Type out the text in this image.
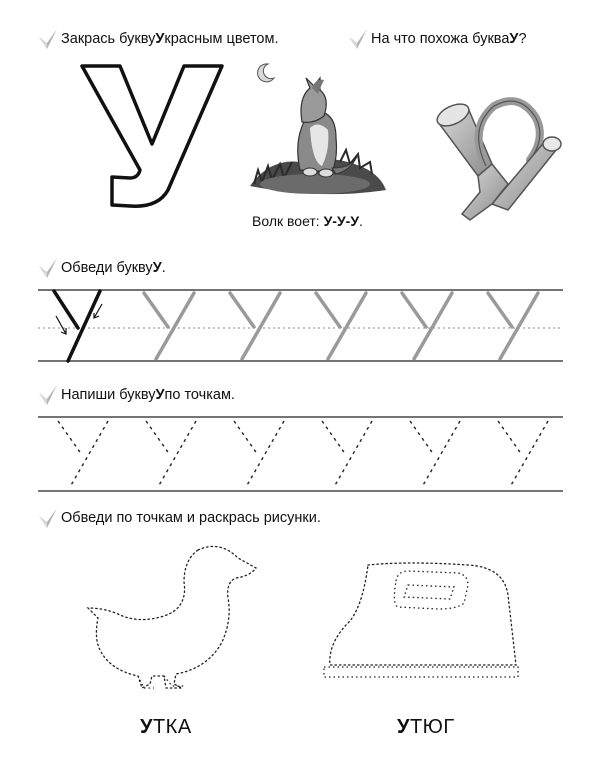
Закрась букву У красным цветом.	На что похожа буква У ?
Волк воет: У-У-У.
Обведи букву У .
Напиши букву У по точкам.
Обведи по точкам и раскрась рисунки.
УТКА	УТЮГ
